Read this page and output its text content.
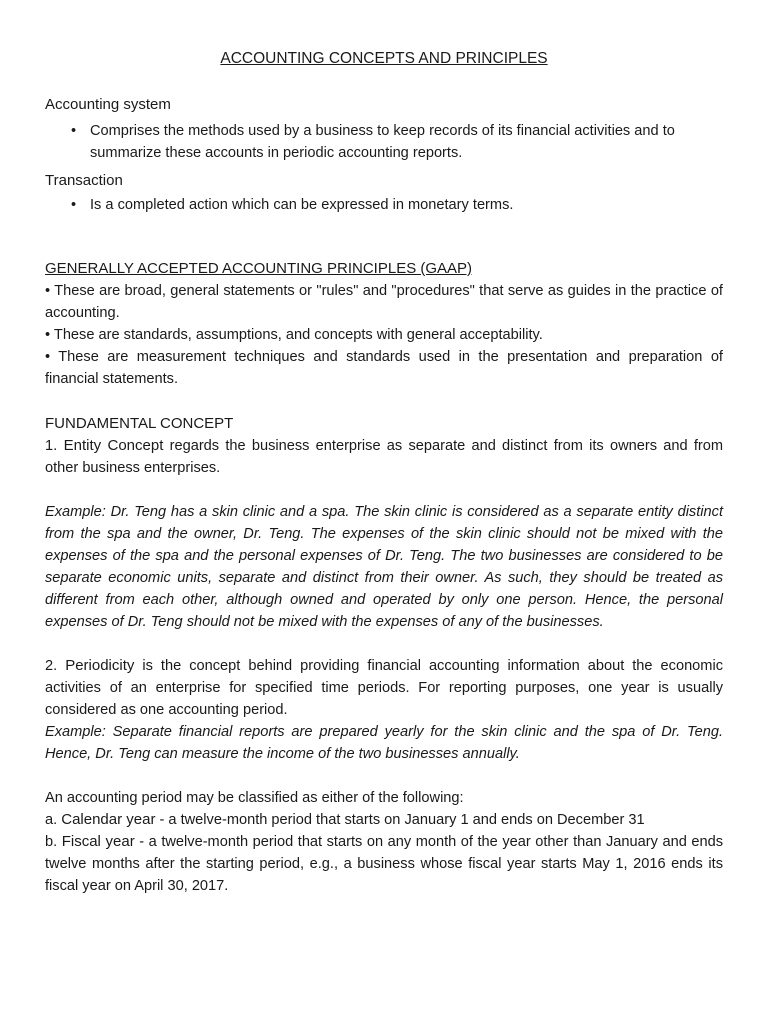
ACCOUNTING CONCEPTS AND PRINCIPLES
Accounting system
• Comprises the methods used by a business to keep records of its financial activities and to summarize these accounts in periodic accounting reports.
Transaction
• Is a completed action which can be expressed in monetary terms.
GENERALLY ACCEPTED ACCOUNTING PRINCIPLES (GAAP)

• These are broad, general statements or "rules" and "procedures" that serve as guides in the practice of accounting.

• These are standards, assumptions, and concepts with general acceptability.

• These are measurement techniques and standards used in the presentation and preparation of financial statements.

FUNDAMENTAL CONCEPT

1. Entity Concept regards the business enterprise as separate and distinct from its owners and from other business enterprises.

Example: Dr. Teng has a skin clinic and a spa. The skin clinic is considered as a separate entity distinct from the spa and the owner, Dr. Teng. The expenses of the skin clinic should not be mixed with the expenses of the spa and the personal expenses of Dr. Teng. The two businesses are considered to be separate economic units, separate and distinct from their owner. As such, they should be treated as different from each other, although owned and operated by only one person. Hence, the personal expenses of Dr. Teng should not be mixed with the expenses of any of the businesses.

2. Periodicity is the concept behind providing financial accounting information about the economic activities of an enterprise for specified time periods. For reporting purposes, one year is usually considered as one accounting period.

Example: Separate financial reports are prepared yearly for the skin clinic and the spa of Dr. Teng. Hence, Dr. Teng can measure the income of the two businesses annually.

An accounting period may be classified as either of the following:

a. Calendar year - a twelve-month period that starts on January 1 and ends on December 31

b. Fiscal year - a twelve-month period that starts on any month of the year other than January and ends twelve months after the starting period, e.g., a business whose fiscal year starts May 1, 2016 ends its fiscal year on April 30, 2017.
